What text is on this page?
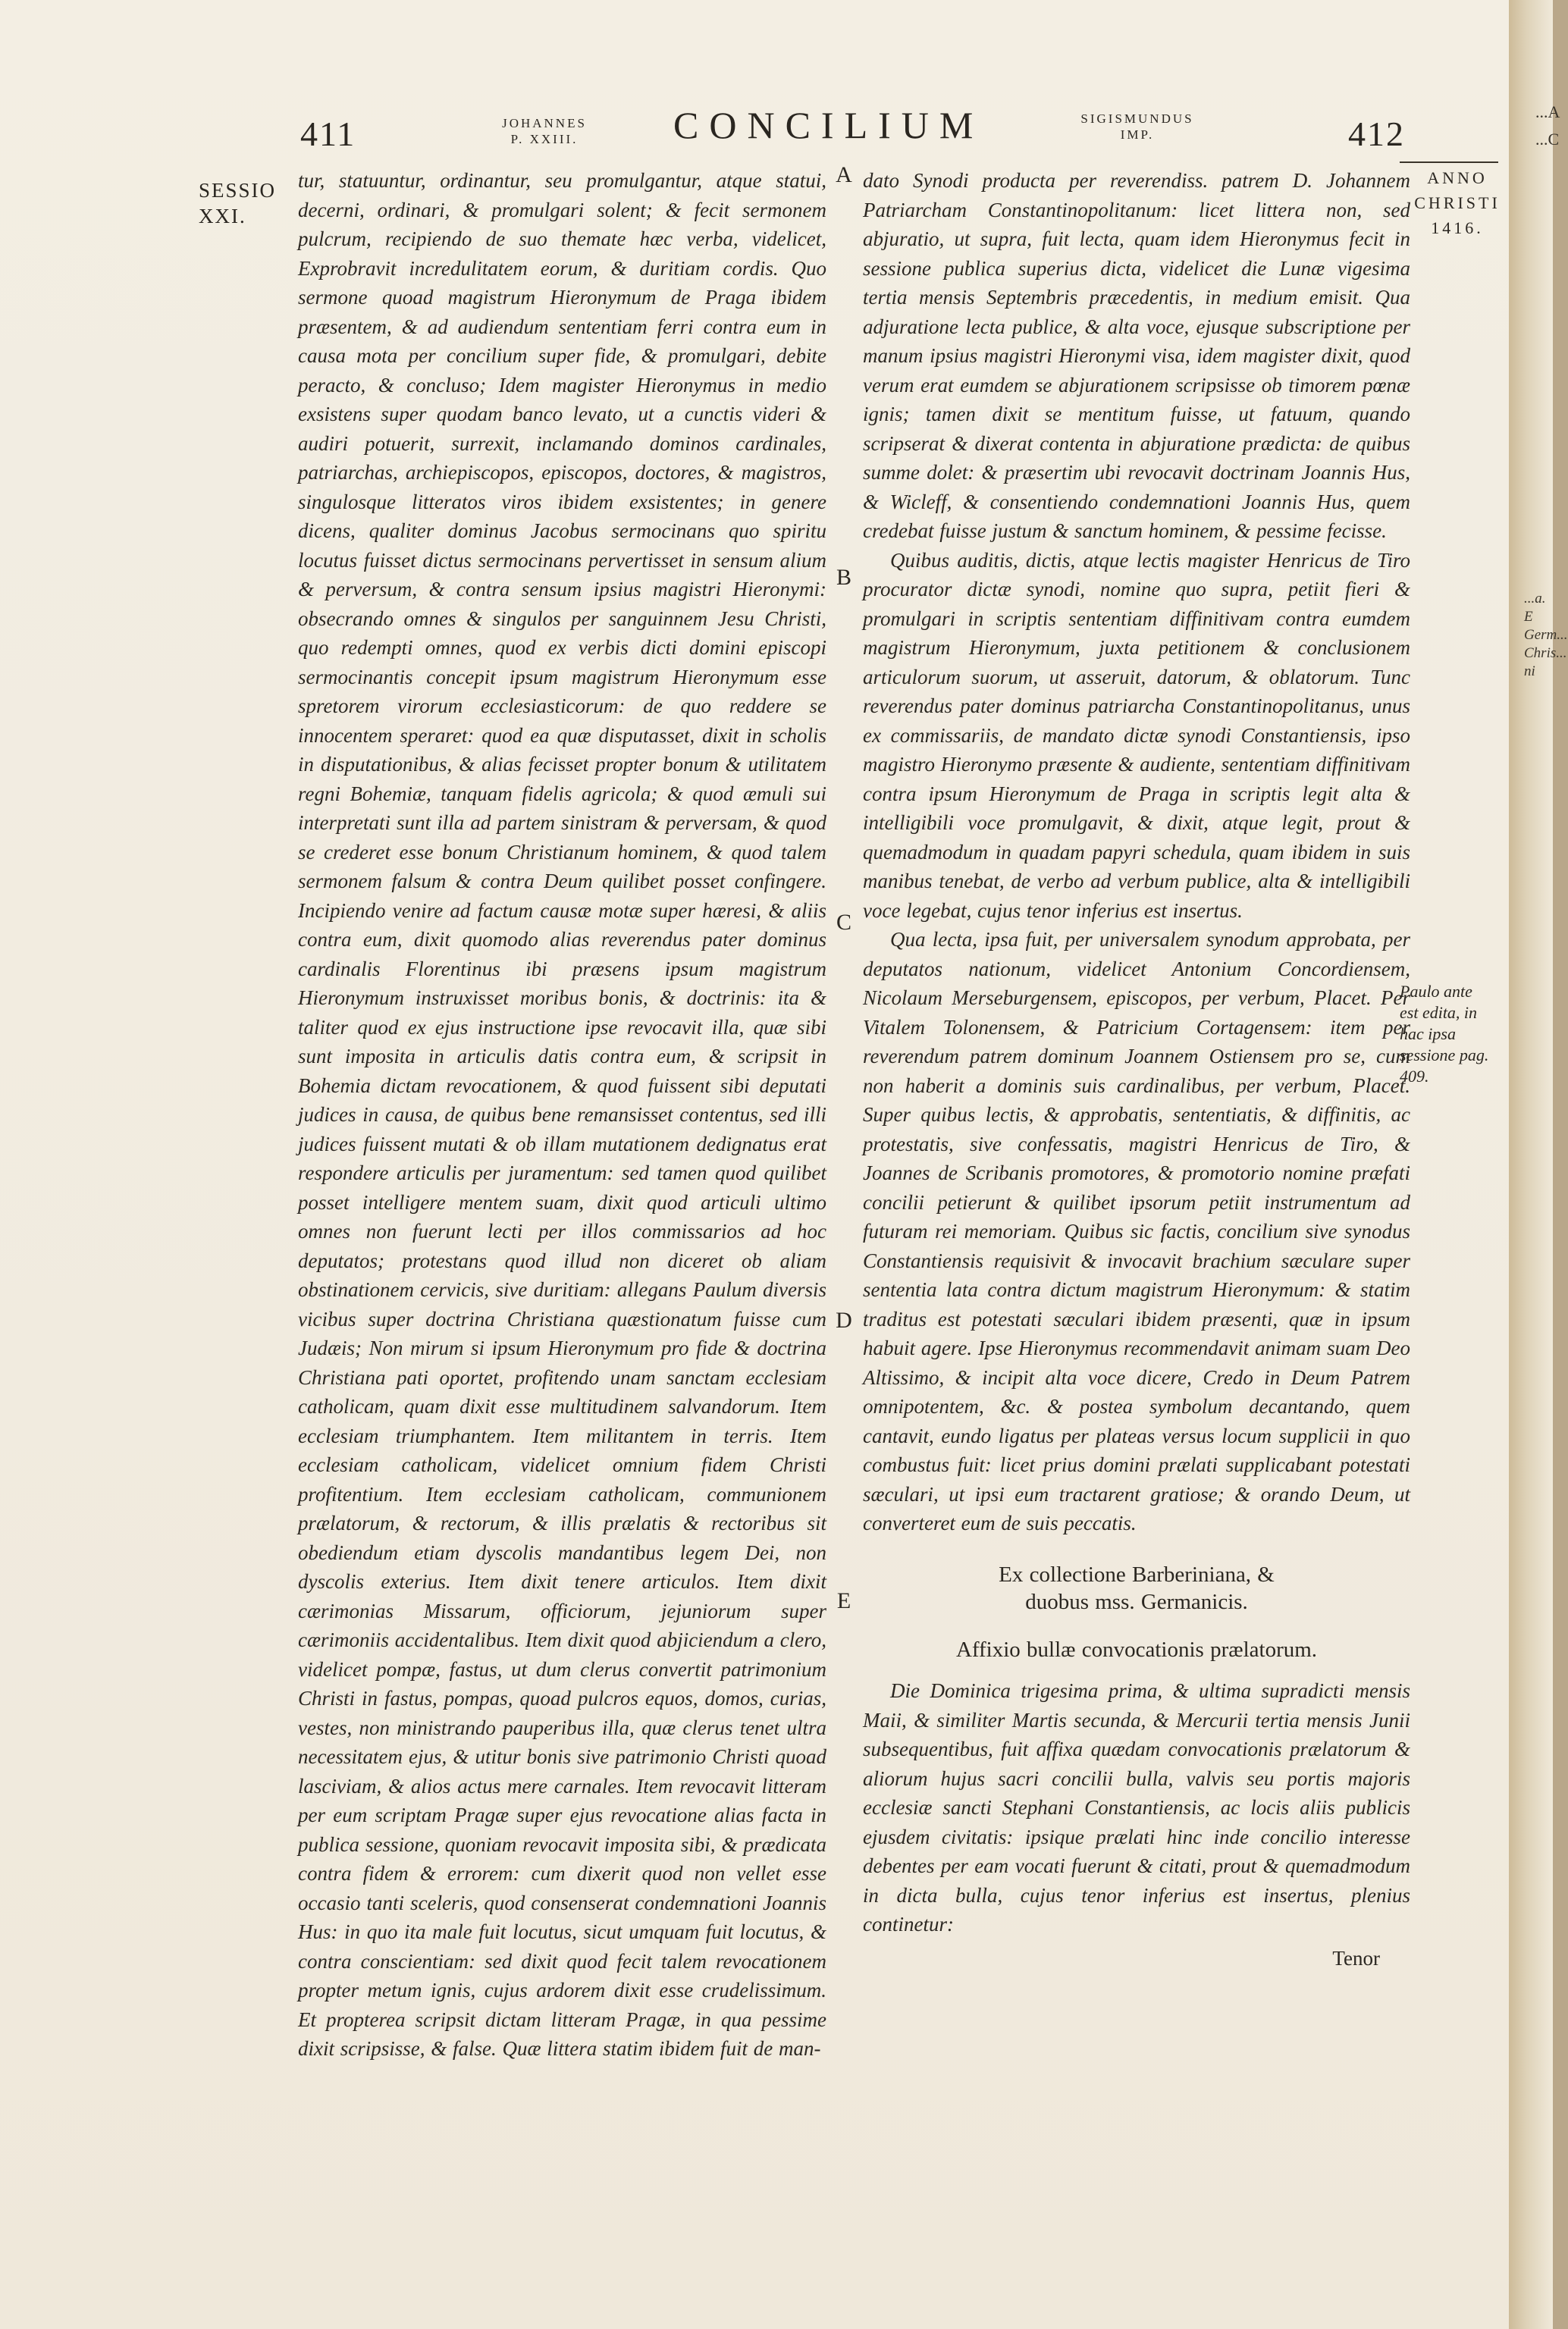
411	JOHANNES
P. XXIII.	CONCILIUM	SIGISMUNDUS
IMP.	412
SESSIO
XXI.
ANNO
CHRISTI
1416.
Paulo ante
est edita, in
hac ipsa
sessione pag.
409.
...a. E Germ... Chris... ni
...A ...C
A
B
C
D
E

tur, statuuntur, ordinantur, seu promulgantur, atque statui, decerni, ordinari, & promulgari solent; & fecit sermonem pulcrum, recipiendo de suo themate hæc verba, videlicet, Exprobravit incredulitatem eorum, & duritiam cordis. Quo sermone quoad magistrum Hieronymum de Praga ibidem præsentem, & ad audiendum sententiam ferri contra eum in causa mota per concilium super fide, & promulgari, debite peracto, & concluso; Idem magister Hieronymus in medio exsistens super quodam banco levato, ut a cunctis videri & audiri potuerit, surrexit, inclamando dominos cardinales, patriarchas, archiepiscopos, episcopos, doctores, & magistros, singulosque litteratos viros ibidem exsistentes; in genere dicens, qualiter dominus Jacobus sermocinans quo spiritu locutus fuisset dictus sermocinans pervertisset in sensum alium & perversum, & contra sensum ipsius magistri Hieronymi: obsecrando omnes & singulos per sanguinnem Jesu Christi, quo redempti omnes, quod ex verbis dicti domini episcopi sermocinantis concepit ipsum magistrum Hieronymum esse spretorem virorum ecclesiasticorum: de quo reddere se innocentem speraret: quod ea quæ disputasset, dixit in scholis in disputationibus, & alias fecisset propter bonum & utilitatem regni Bohemiæ, tanquam fidelis agricola; & quod æmuli sui interpretati sunt illa ad partem sinistram & perversam, & quod se crederet esse bonum Christianum hominem, & quod talem sermonem falsum & contra Deum quilibet posset confingere. Incipiendo venire ad factum causæ motæ super hæresi, & aliis contra eum, dixit quomodo alias reverendus pater dominus cardinalis Florentinus ibi præsens ipsum magistrum Hieronymum instruxisset moribus bonis, & doctrinis: ita & taliter quod ex ejus instructione ipse revocavit illa, quæ sibi sunt imposita in articulis datis contra eum, & scripsit in Bohemia dictam revocationem, & quod fuissent sibi deputati judices in causa, de quibus bene remansisset contentus, sed illi judices fuissent mutati & ob illam mutationem dedignatus erat respondere articulis per juramentum: sed tamen quod quilibet posset intelligere mentem suam, dixit quod articuli ultimo omnes non fuerunt lecti per illos commissarios ad hoc deputatos; protestans quod illud non diceret ob aliam obstinationem cervicis, sive duritiam: allegans Paulum diversis vicibus super doctrina Christiana quæstionatum fuisse cum Judæis; Non mirum si ipsum Hieronymum pro fide & doctrina Christiana pati oportet, profitendo unam sanctam ecclesiam catholicam, quam dixit esse multitudinem salvandorum. Item ecclesiam triumphantem. Item militantem in terris. Item ecclesiam catholicam, videlicet omnium fidem Christi profitentium. Item ecclesiam catholicam, communionem prælatorum, & rectorum, & illis prælatis & rectoribus sit obediendum etiam dyscolis mandantibus legem Dei, non dyscolis exterius. Item dixit tenere articulos. Item dixit cærimonias Missarum, officiorum, jejuniorum super cærimoniis accidentalibus. Item dixit quod abjiciendum a clero, videlicet pompæ, fastus, ut dum clerus convertit patrimonium Christi in fastus, pompas, quoad pulcros equos, domos, curias, vestes, non ministrando pauperibus illa, quæ clerus tenet ultra necessitatem ejus, & utitur bonis sive patrimonio Christi quoad lasciviam, & alios actus mere carnales. Item revocavit litteram per eum scriptam Pragæ super ejus revocatione alias facta in publica sessione, quoniam revocavit imposita sibi, & prædicata contra fidem & errorem: cum dixerit quod non vellet esse occasio tanti sceleris, quod consenserat condemnationi Joannis Hus: in quo ita male fuit locutus, sicut umquam fuit locutus, & contra conscientiam: sed dixit quod fecit talem revocationem propter metum ignis, cujus ardorem dixit esse crudelissimum. Et propterea scripsit dictam litteram Pragæ, in qua pessime dixit scripsisse, & false. Quæ littera statim ibidem fuit de man-

dato Synodi producta per reverendiss. patrem D. Johannem Patriarcham Constantinopolitanum: licet littera non, sed abjuratio, ut supra, fuit lecta, quam idem Hieronymus fecit in sessione publica superius dicta, videlicet die Lunæ vigesima tertia mensis Septembris præcedentis, in medium emisit. Qua adjuratione lecta publice, & alta voce, ejusque subscriptione per manum ipsius magistri Hieronymi visa, idem magister dixit, quod verum erat eumdem se abjurationem scripsisse ob timorem pœnæ ignis; tamen dixit se mentitum fuisse, ut fatuum, quando scripserat & dixerat contenta in abjuratione prædicta: de quibus summe dolet: & præsertim ubi revocavit doctrinam Joannis Hus, & Wicleff, & consentiendo condemnationi Joannis Hus, quem credebat fuisse justum & sanctum hominem, & pessime fecisse.

Quibus auditis, dictis, atque lectis magister Henricus de Tiro procurator dictæ synodi, nomine quo supra, petiit fieri & promulgari in scriptis sententiam diffinitivam contra eumdem magistrum Hieronymum, juxta petitionem & conclusionem articulorum suorum, ut asseruit, datorum, & oblatorum. Tunc reverendus pater dominus patriarcha Constantinopolitanus, unus ex commissariis, de mandato dictæ synodi Constantiensis, ipso magistro Hieronymo præsente & audiente, sententiam diffinitivam contra ipsum Hieronymum de Praga in scriptis legit alta & intelligibili voce promulgavit, & dixit, atque legit, prout & quemadmodum in quadam papyri schedula, quam ibidem in suis manibus tenebat, de verbo ad verbum publice, alta & intelligibili voce legebat, cujus tenor inferius est insertus.

Qua lecta, ipsa fuit, per universalem synodum approbata, per deputatos nationum, videlicet Antonium Concordiensem, Nicolaum Merseburgensem, episcopos, per verbum, Placet. Per Vitalem Tolonensem, & Patricium Cortagensem: item per reverendum patrem dominum Joannem Ostiensem pro se, cum non haberit a dominis suis cardinalibus, per verbum, Placet. Super quibus lectis, & approbatis, sententiatis, & diffinitis, ac protestatis, sive confessatis, magistri Henricus de Tiro, & Joannes de Scribanis promotores, & promotorio nomine præfati concilii petierunt & quilibet ipsorum petiit instrumentum ad futuram rei memoriam. Quibus sic factis, concilium sive synodus Constantiensis requisivit & invocavit brachium sæculare super sententia lata contra dictum magistrum Hieronymum: & statim traditus est potestati sæculari ibidem præsenti, quæ in ipsum habuit agere. Ipse Hieronymus recommendavit animam suam Deo Altissimo, & incipit alta voce dicere, Credo in Deum Patrem omnipotentem, &c. & postea symbolum decantando, quem cantavit, eundo ligatus per plateas versus locum supplicii in quo combustus fuit: licet prius domini prælati supplicabant potestati sæculari, ut ipsi eum tractarent gratiose; & orando Deum, ut converteret eum de suis peccatis.

Ex collectione Barberiniana, &
duobus mss. Germanicis.
Affixio bullæ convocationis prælatorum.

Die Dominica trigesima prima, & ultima supradicti mensis Maii, & similiter Martis secunda, & Mercurii tertia mensis Junii subsequentibus, fuit affixa quædam convocationis prælatorum & aliorum hujus sacri concilii bulla, valvis seu portis majoris ecclesiæ sancti Stephani Constantiensis, ac locis aliis publicis ejusdem civitatis: ipsique prælati hinc inde concilio interesse debentes per eam vocati fuerunt & citati, prout & quemadmodum in dicta bulla, cujus tenor inferius est insertus, plenius continetur:

Tenor
